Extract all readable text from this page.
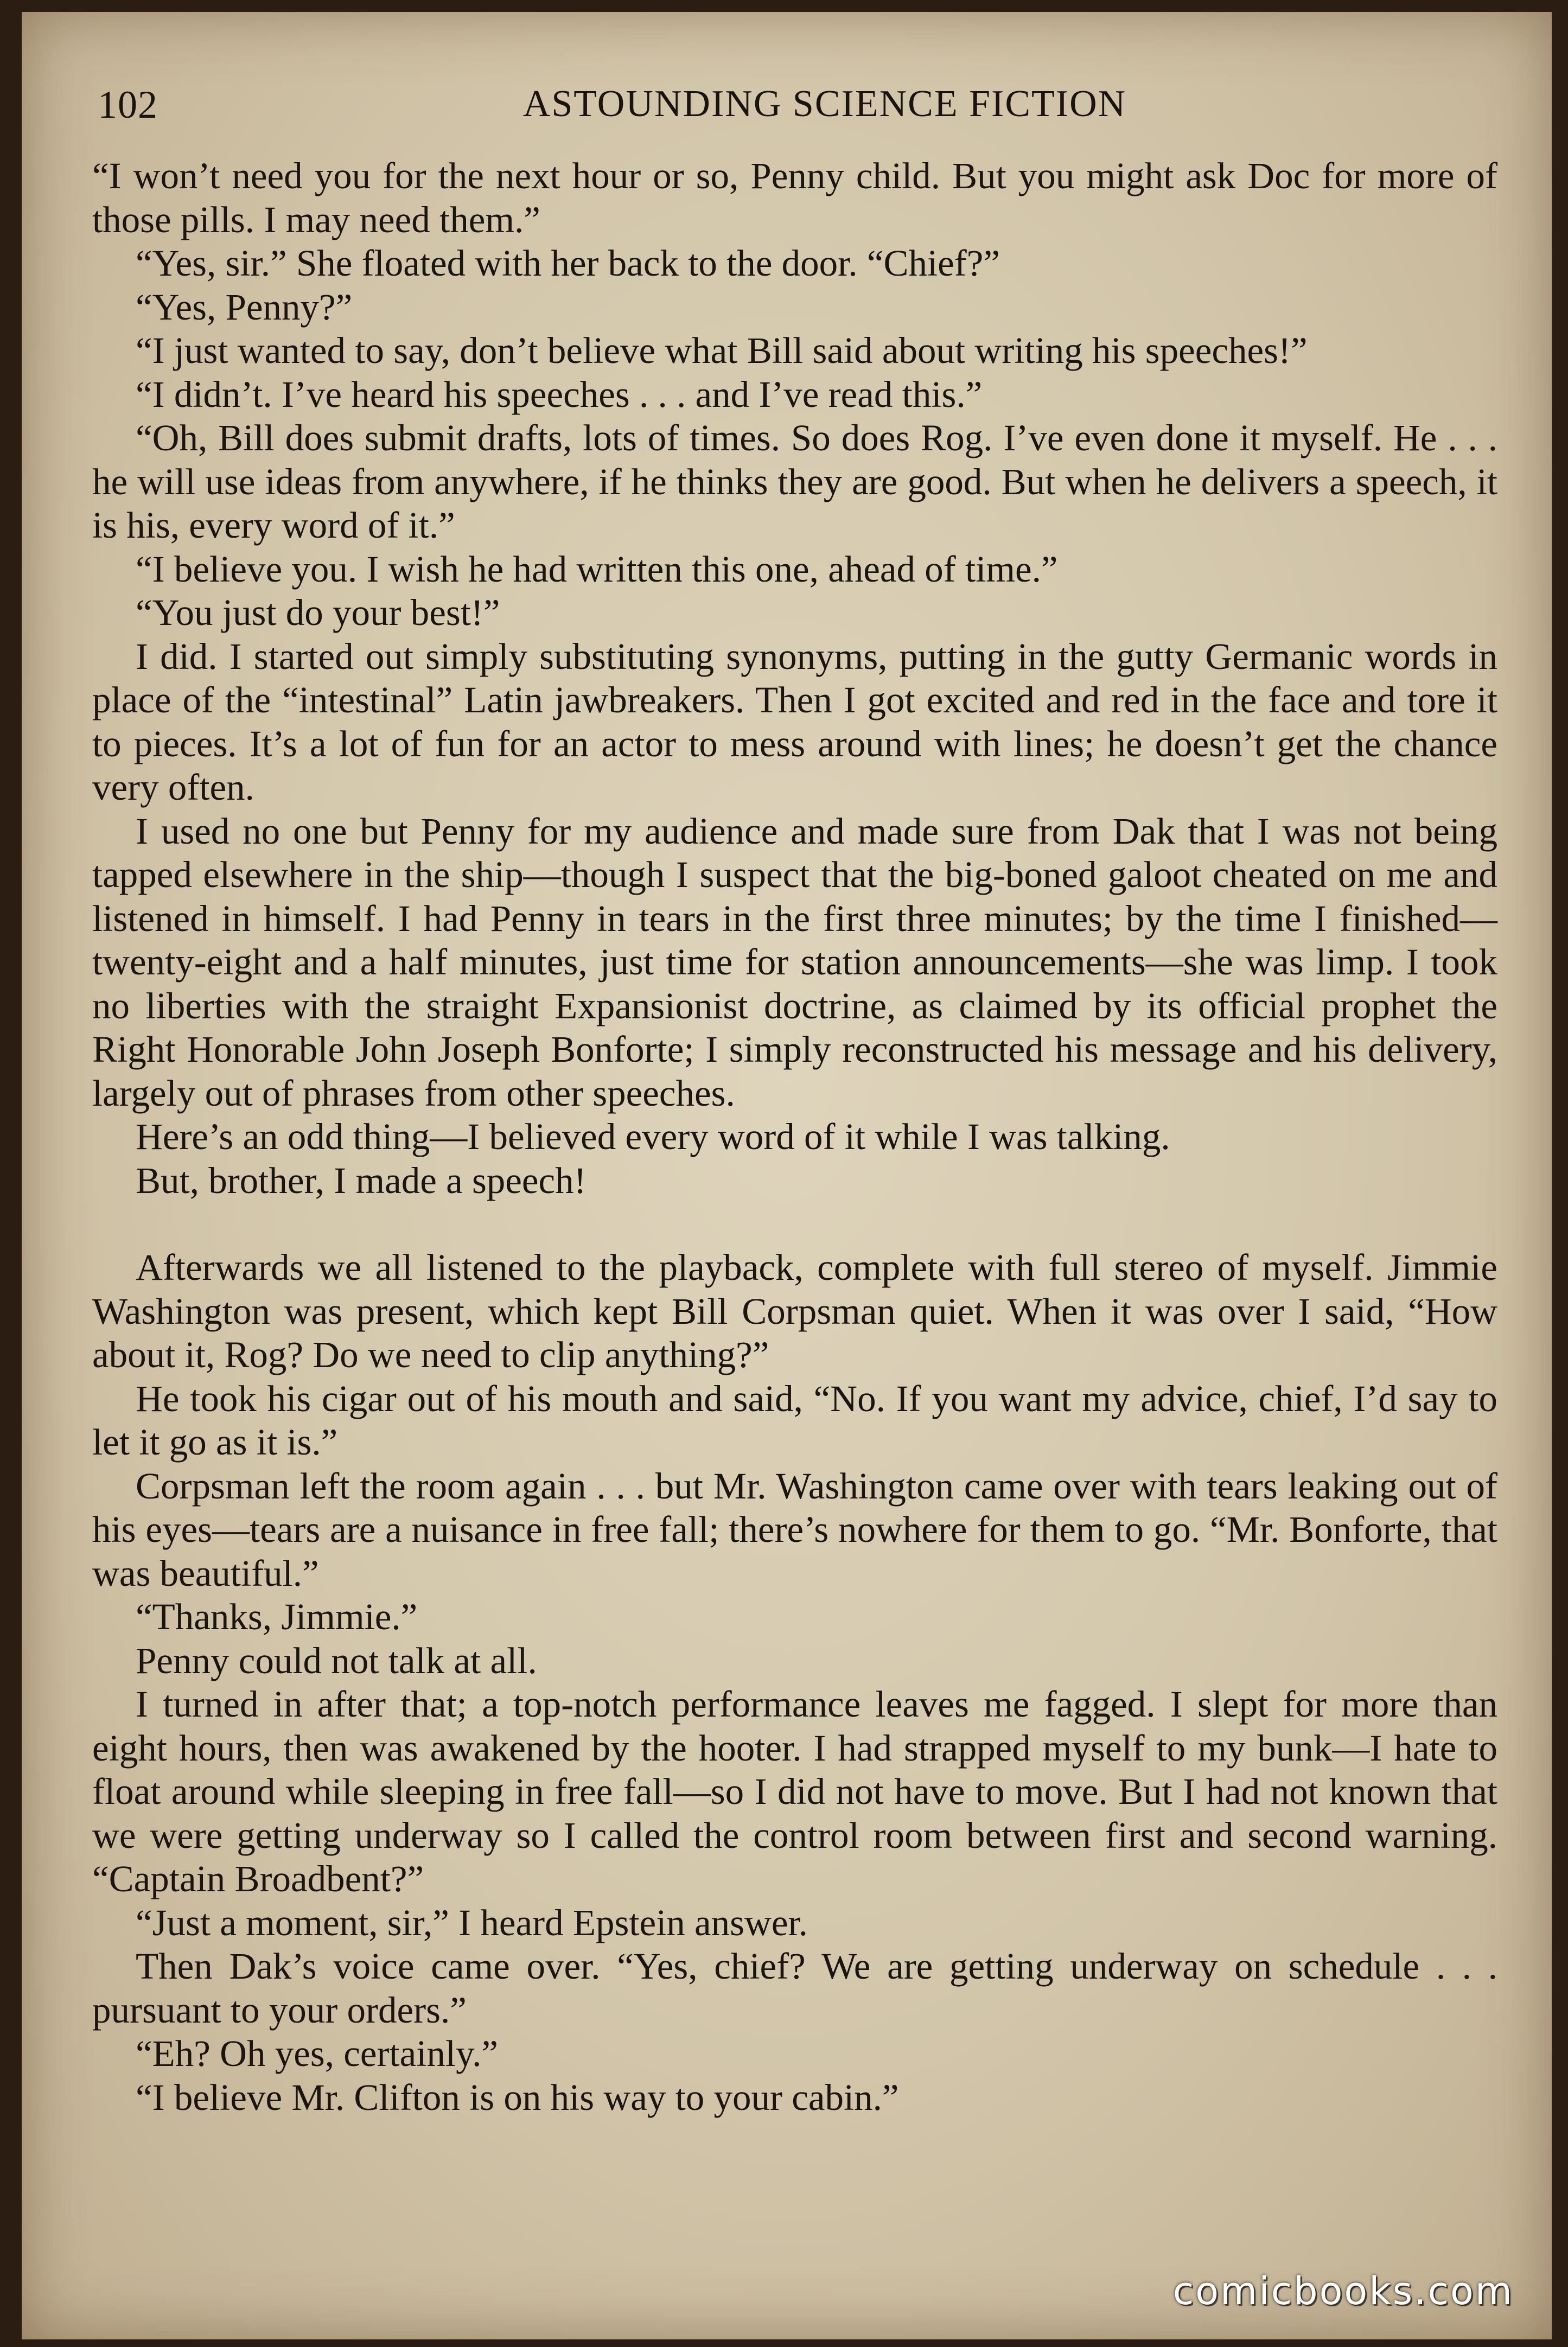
102	ASTOUNDING SCIENCE FICTION

“I won’t need you for the next hour or so, Penny child. But you might ask Doc for more of those pills. I may need them.”

“Yes, sir.” She floated with her back to the door. “Chief?”

“Yes, Penny?”

“I just wanted to say, don’t believe what Bill said about writing his speeches!”

“I didn’t. I’ve heard his speeches . . . and I’ve read this.”

“Oh, Bill does submit drafts, lots of times. So does Rog. I’ve even done it myself. He . . . he will use ideas from anywhere, if he thinks they are good. But when he delivers a speech, it is his, every word of it.”

“I believe you. I wish he had written this one, ahead of time.”

“You just do your best!”

I did. I started out simply substituting synonyms, putting in the gutty Germanic words in place of the “intestinal” Latin jawbreakers. Then I got excited and red in the face and tore it to pieces. It’s a lot of fun for an actor to mess around with lines; he doesn’t get the chance very often.

I used no one but Penny for my audience and made sure from Dak that I was not being tapped elsewhere in the ship—though I suspect that the big-boned galoot cheated on me and listened in himself. I had Penny in tears in the first three minutes; by the time I finished—twenty-eight and a half minutes, just time for station announcements—she was limp. I took no liberties with the straight Expansionist doctrine, as claimed by its official prophet the Right Honorable John Joseph Bonforte; I simply reconstructed his message and his delivery, largely out of phrases from other speeches.

Here’s an odd thing—I believed every word of it while I was talking.

But, brother, I made a speech!

Afterwards we all listened to the playback, complete with full stereo of myself. Jimmie Washington was present, which kept Bill Corpsman quiet. When it was over I said, “How about it, Rog? Do we need to clip anything?”

He took his cigar out of his mouth and said, “No. If you want my advice, chief, I’d say to let it go as it is.”

Corpsman left the room again . . . but Mr. Washington came over with tears leaking out of his eyes—tears are a nuisance in free fall; there’s nowhere for them to go. “Mr. Bonforte, that was beautiful.”

“Thanks, Jimmie.”

Penny could not talk at all.

I turned in after that; a top-notch performance leaves me fagged. I slept for more than eight hours, then was awakened by the hooter. I had strapped myself to my bunk—I hate to float around while sleeping in free fall—so I did not have to move. But I had not known that we were getting underway so I called the control room between first and second warning. “Captain Broadbent?”

“Just a moment, sir,” I heard Epstein answer.

Then Dak’s voice came over. “Yes, chief? We are getting underway on schedule . . . pursuant to your orders.”

“Eh? Oh yes, certainly.”

“I believe Mr. Clifton is on his way to your cabin.”

comicbooks.com
